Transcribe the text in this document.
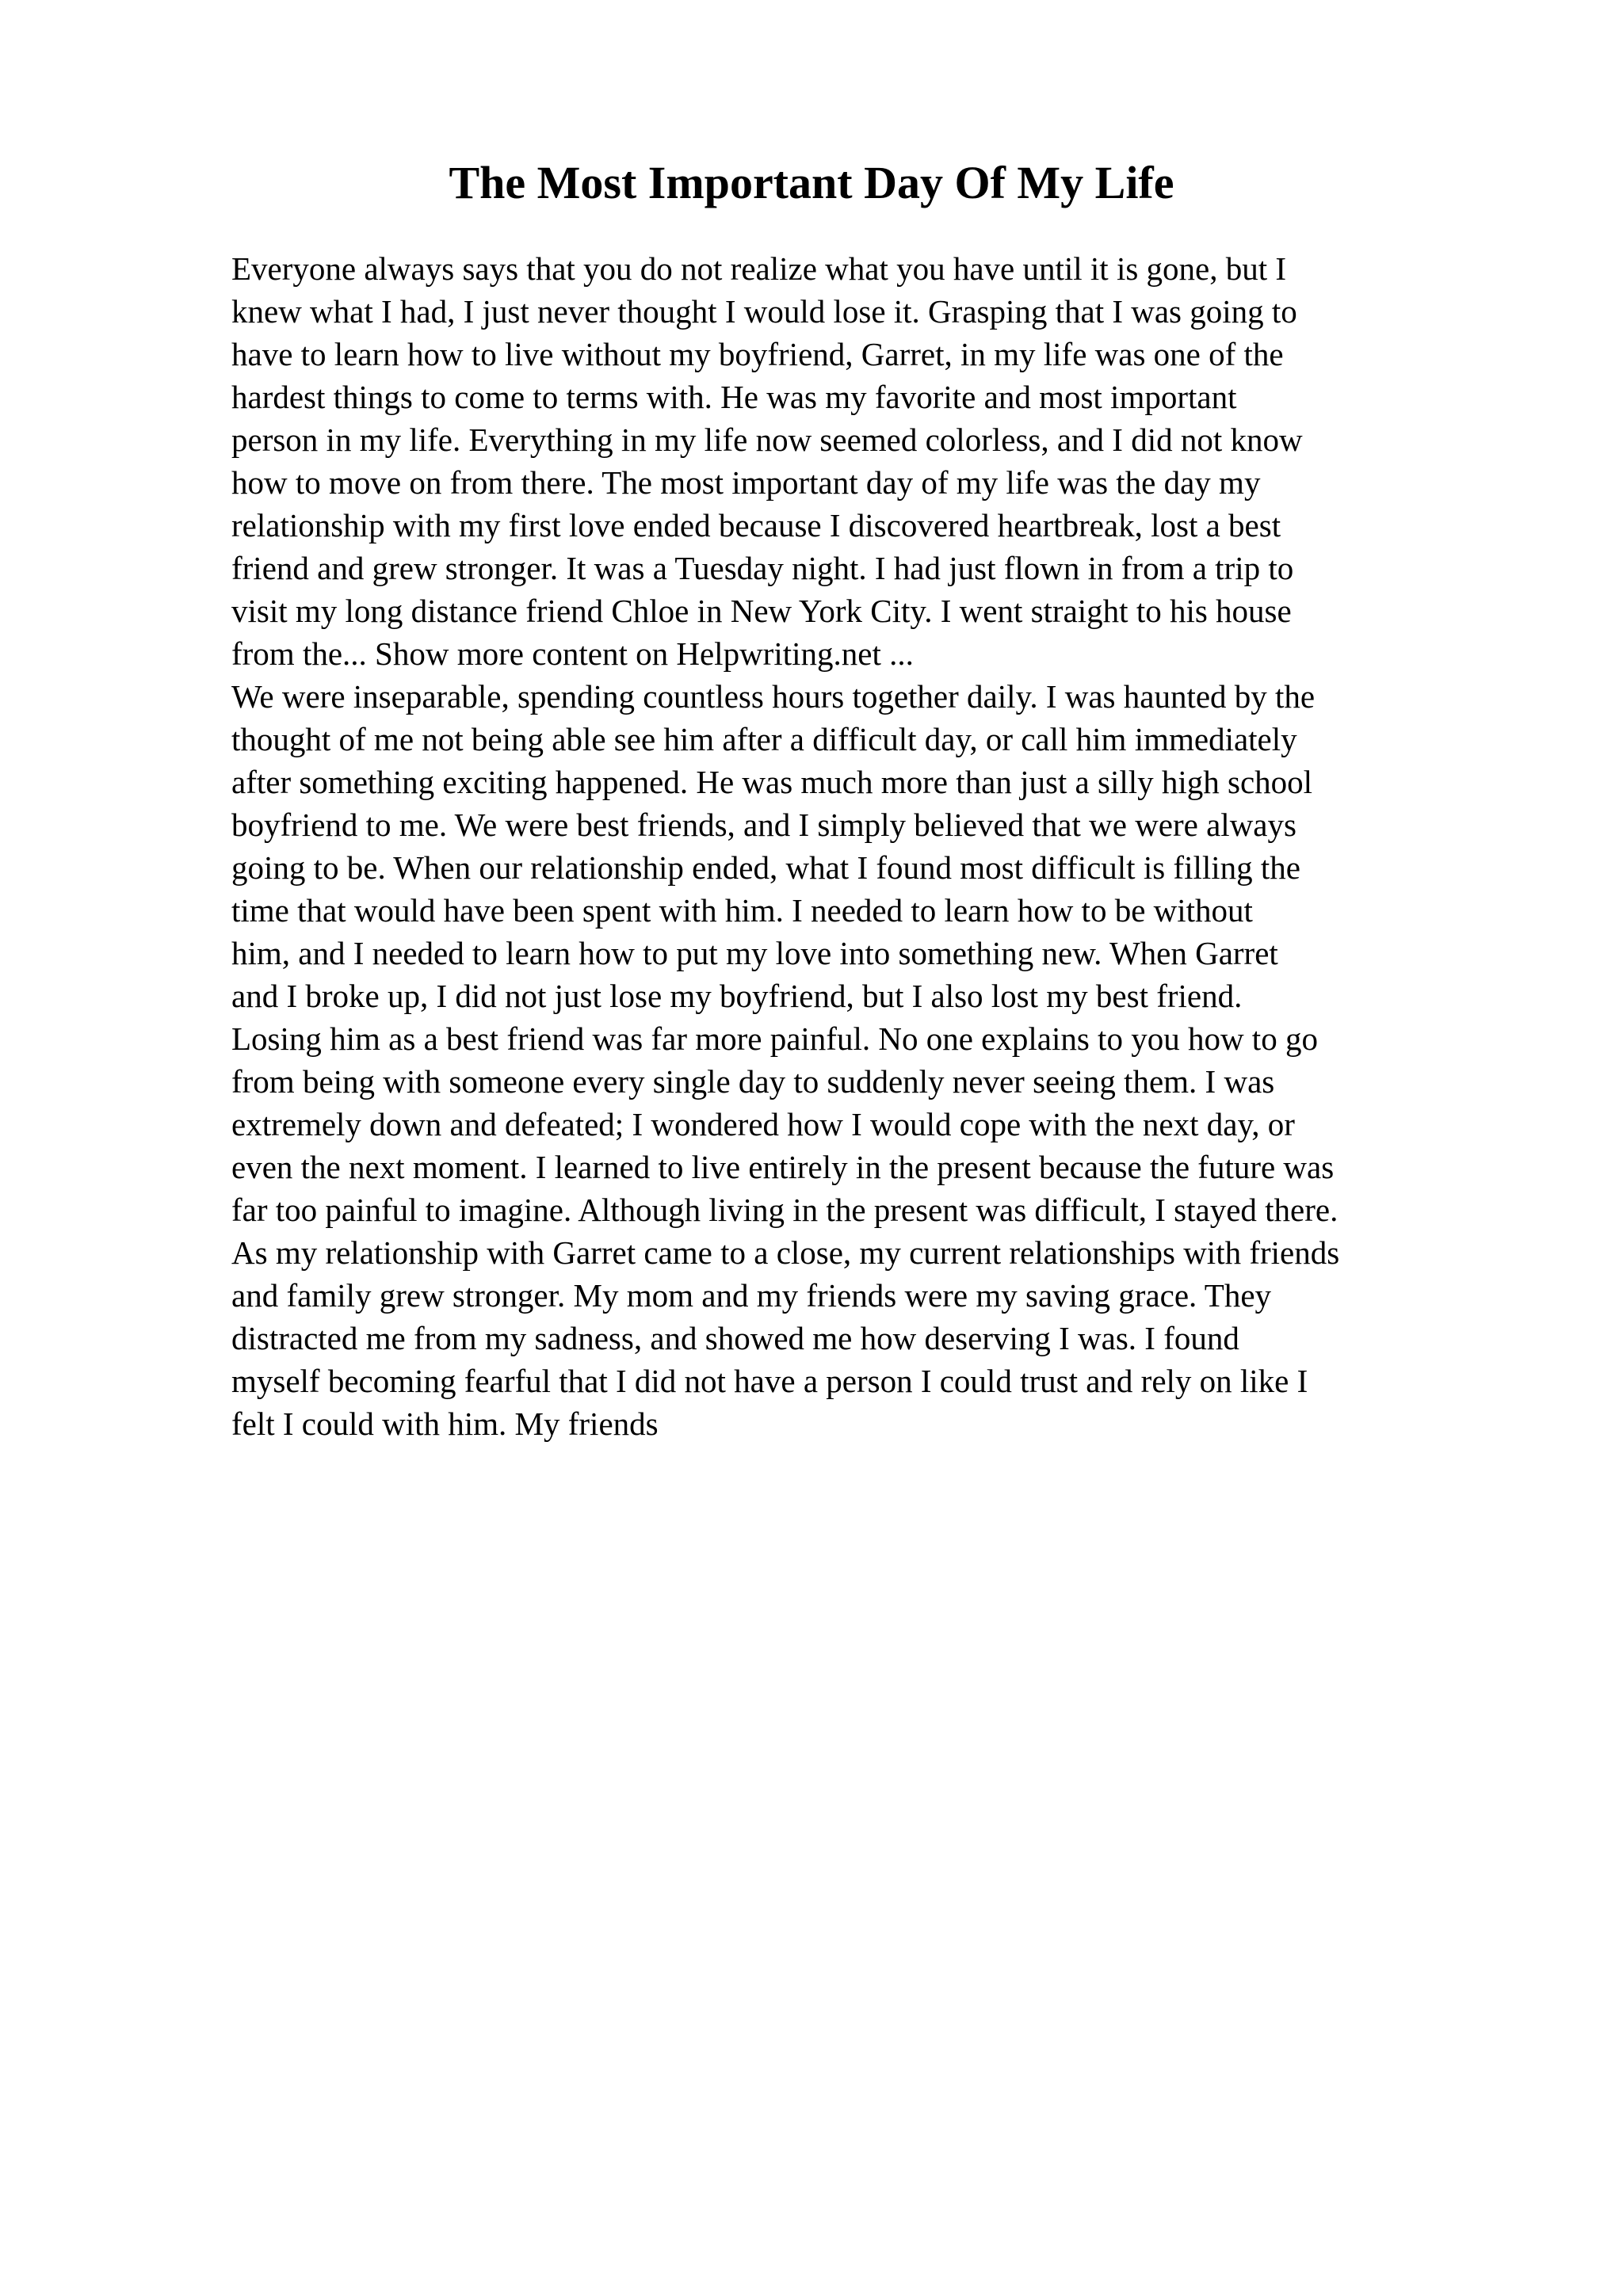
The Most Important Day Of My Life
Everyone always says that you do not realize what you have until it is gone, but I
knew what I had, I just never thought I would lose it. Grasping that I was going to
have to learn how to live without my boyfriend, Garret, in my life was one of the
hardest things to come to terms with. He was my favorite and most important
person in my life. Everything in my life now seemed colorless, and I did not know
how to move on from there. The most important day of my life was the day my
relationship with my first love ended because I discovered heartbreak, lost a best
friend and grew stronger. It was a Tuesday night. I had just flown in from a trip to
visit my long distance friend Chloe in New York City. I went straight to his house
from the... Show more content on Helpwriting.net ...
We were inseparable, spending countless hours together daily. I was haunted by the
thought of me not being able see him after a difficult day, or call him immediately
after something exciting happened. He was much more than just a silly high school
boyfriend to me. We were best friends, and I simply believed that we were always
going to be. When our relationship ended, what I found most difficult is filling the
time that would have been spent with him. I needed to learn how to be without
him, and I needed to learn how to put my love into something new. When Garret
and I broke up, I did not just lose my boyfriend, but I also lost my best friend.
Losing him as a best friend was far more painful. No one explains to you how to go
from being with someone every single day to suddenly never seeing them. I was
extremely down and defeated; I wondered how I would cope with the next day, or
even the next moment. I learned to live entirely in the present because the future was
far too painful to imagine. Although living in the present was difficult, I stayed there.
As my relationship with Garret came to a close, my current relationships with friends
and family grew stronger. My mom and my friends were my saving grace. They
distracted me from my sadness, and showed me how deserving I was. I found
myself becoming fearful that I did not have a person I could trust and rely on like I
felt I could with him. My friends
